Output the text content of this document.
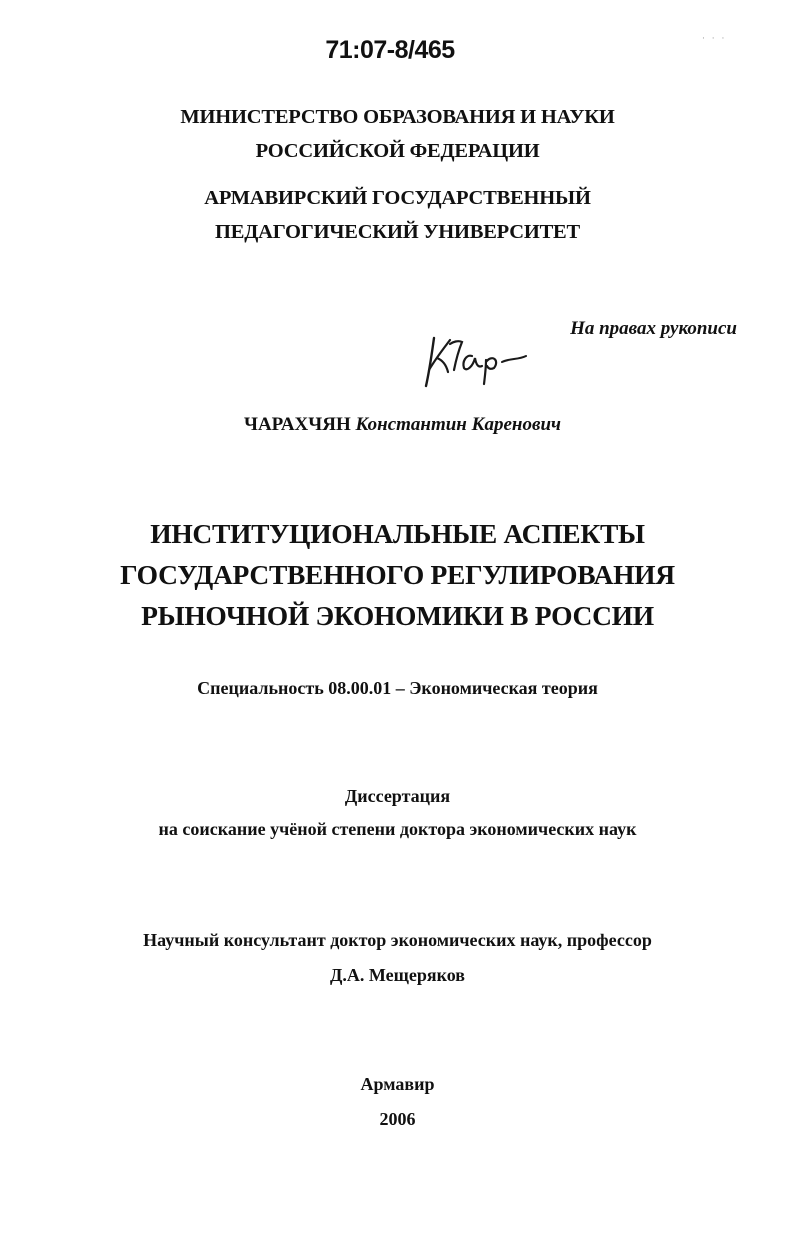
71:07-8/465	· · ·
МИНИСТЕРСТВО ОБРАЗОВАНИЯ И НАУКИ
РОССИЙСКОЙ ФЕДЕРАЦИИ
АРМАВИРСКИЙ ГОСУДАРСТВЕННЫЙ
ПЕДАГОГИЧЕСКИЙ УНИВЕРСИТЕТ
На правах рукописи
ЧАРАХЧЯН Константин Каренович
ИНСТИТУЦИОНАЛЬНЫЕ АСПЕКТЫ
ГОСУДАРСТВЕННОГО РЕГУЛИРОВАНИЯ
РЫНОЧНОЙ ЭКОНОМИКИ В РОССИИ
Специальность 08.00.01 – Экономическая теория
Диссертация
на соискание учёной степени доктора экономических наук
Научный консультант доктор экономических наук, профессор
Д.А. Мещеряков
Армавир
2006
